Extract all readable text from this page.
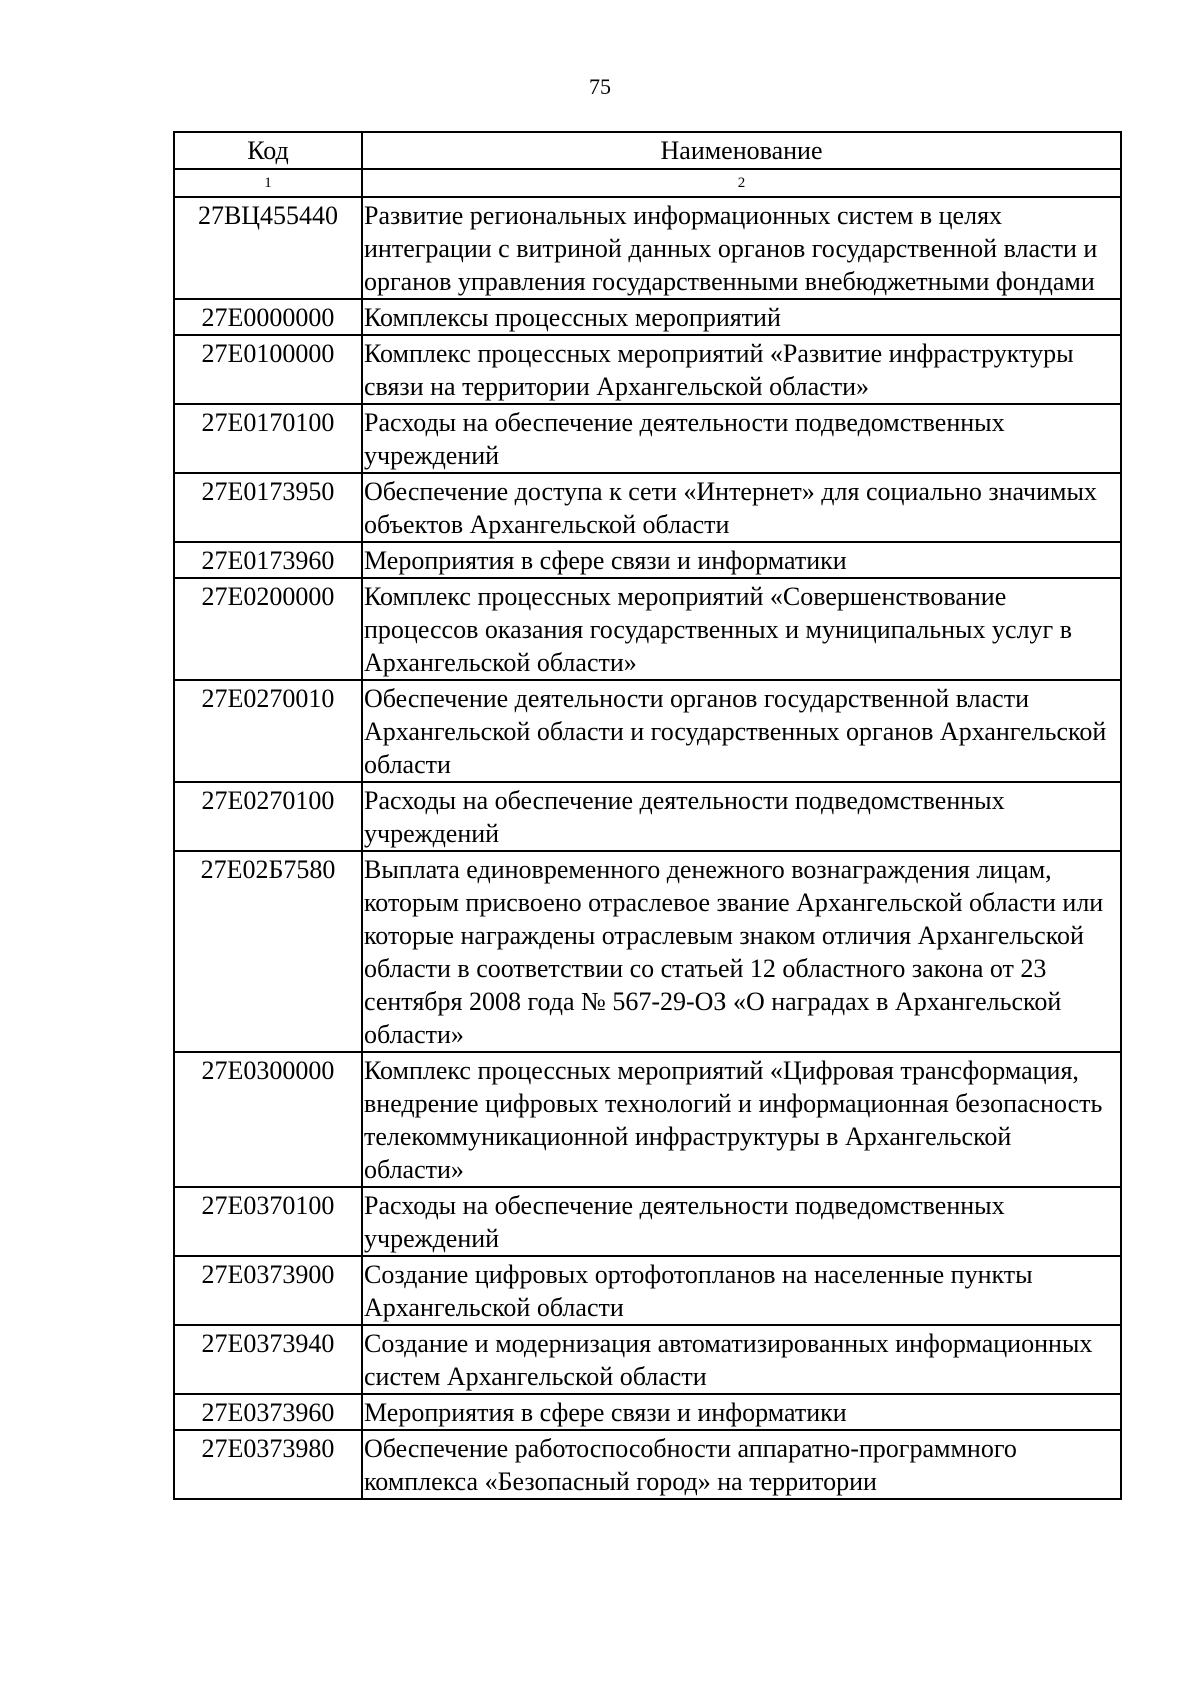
75
Код	Наименование
1	2
27ВЦ455440	Развитие региональных информационных систем в целях интеграции с витриной данных органов государственной власти и органов управления государственными внебюджетными фондами
27Е0000000	Комплексы процессных мероприятий
27Е0100000	Комплекс процессных мероприятий «Развитие инфраструктуры связи на территории Архангельской области»
27Е0170100	Расходы на обеспечение деятельности подведомственных учреждений
27Е0173950	Обеспечение доступа к сети «Интернет» для социально значимых объектов Архангельской области
27Е0173960	Мероприятия в сфере связи и информатики
27Е0200000	Комплекс процессных мероприятий «Совершенствование процессов оказания государственных и муниципальных услуг в Архангельской области»
27Е0270010	Обеспечение деятельности органов государственной власти Архангельской области и государственных органов Архангельской области
27Е0270100	Расходы на обеспечение деятельности подведомственных учреждений
27Е02Б7580	Выплата единовременного денежного вознаграждения лицам, которым присвоено отраслевое звание Архангельской области или которые награждены отраслевым знаком отличия Архангельской области в соответствии со статьей 12 областного закона от 23 сентября 2008 года № 567-29-ОЗ «О наградах в Архангельской области»
27Е0300000	Комплекс процессных мероприятий «Цифровая трансформация, внедрение цифровых технологий и информационная безопасность телекоммуникационной инфраструктуры в Архангельской области»
27Е0370100	Расходы на обеспечение деятельности подведомственных учреждений
27Е0373900	Создание цифровых ортофотопланов на населенные пункты Архангельской области
27Е0373940	Создание и модернизация автоматизированных информационных систем Архангельской области
27Е0373960	Мероприятия в сфере связи и информатики
27Е0373980	Обеспечение работоспособности аппаратно-программного комплекса «Безопасный город» на территории
